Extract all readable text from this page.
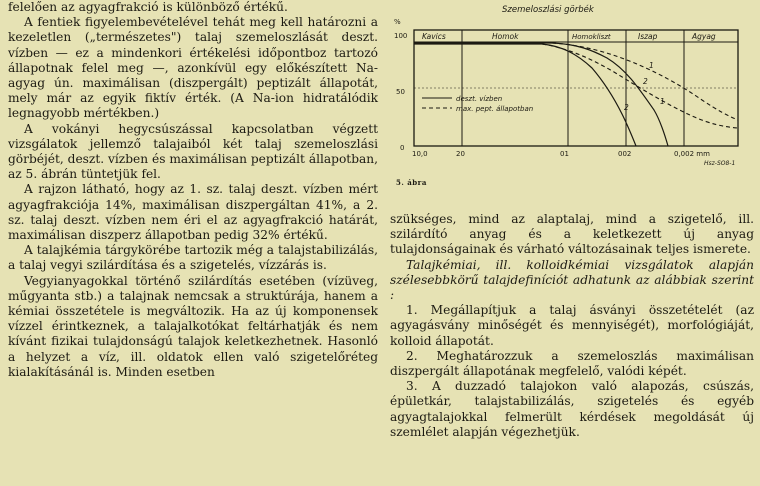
felelően az agyagfrakció is különböző értékű.

A fentiek figyelembevételével tehát meg kell határozni a kezeletlen („természetes") talaj szemeloszlását deszt. vízben — ez a mindenkori értékelési időpontboz tartozó állapotnak felel meg —, azonkívül egy előkészített Na-agyag ún. maximálisan (diszpergált) peptizált állapotát, mely már az egyik fiktív érték. (A Na-ion hidratálódik legnagyobb mértékben.)

A vokányi hegycsúszással kapcsolatban végzett vizsgálatok jellemző talajaiból két talaj szemeloszlási görbéjét, deszt. vízben és maximálisan peptizált állapotban, az 5. ábrán tüntetjük fel.

A rajzon látható, hogy az 1. sz. talaj deszt. vízben mért agyagfrakciója 14%, maximálisan diszpergáltan 41%, a 2. sz. talaj deszt. vízben nem éri el az agyagfrakció határát, maximálisan diszperz állapotban pedig 32% értékű.

A talajkémia tárgykörébe tartozik még a talajstabilizálás, a talaj vegyi szilárdítása és a szigetelés, vízzárás is.

Vegyianyagokkal történő szilárdítás esetében (vízüveg, műgyanta stb.) a talajnak nemcsak a struktúrája, hanem a kémiai összetétele is megváltozik. Ha az új komponensek vízzel érintkeznek, a talajalkotókat feltárhatják és nem kívánt fizikai tulajdonságú talajok keletkezhetnek. Hasonló a helyzet a víz, ill. oldatok ellen való szigetelőréteg kialakításánál is. Minden esetben

Szemeloszlási görbék
%
100
50
0
Kavics	Homok	Homokliszt	Iszap	Agyag
deszt. vízben
max. pept. állapotban
1
2
1
2
10,0	20	01	002	0,002 mm
Hsz-SO8-1
5. ábra

szükséges, mind az alaptalaj, mind a szigetelő, ill. szilárdító anyag és a keletkezett új anyag tulajdonságainak és várható változásainak teljes ismerete.

Talajkémiai, ill. kolloidkémiai vizsgálatok alapján szélesebbkörű talajdefiníciót adhatunk az alábbiak szerint :

1. Megállapítjuk a talaj ásványi összetételét (az agyagásvány minőségét és mennyiségét), morfológiáját, kolloid állapotát.

2. Meghatározzuk a szemeloszlás maximálisan diszpergált állapotának megfelelő, valódi képét.

3. A duzzadó talajokon való alapozás, csúszás, épületkár, talajstabilizálás, szigetelés és egyéb agyagtalajokkal felmerült kérdések megoldását új szemlélet alapján végezhetjük.
